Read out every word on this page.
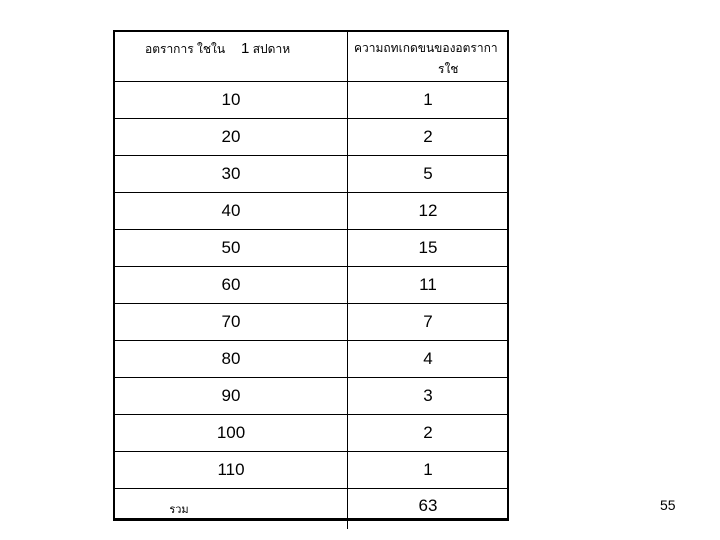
อตราการ ใชใน 1 สปดาห	ความถทเกดขนของอตรากา
รใช

10	1
20	2
30	5
40	12
50	15
60	11
70	7
80	4
90	3
100	2
110	1
รวม	63	55
